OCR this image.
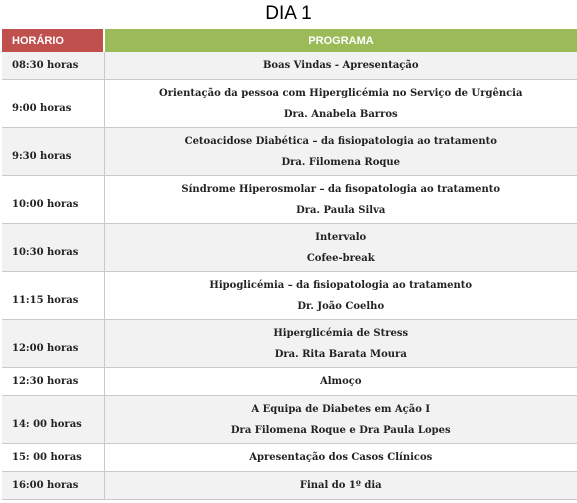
DIA 1
HORÁRIO	PROGRAMA
08:30 horas	Boas Vindas - Apresentação

9:00 horas	Orientação da pessoa com Hiperglicémia no Serviço de Urgência
Dra. Anabela Barros

9:30 horas	Cetoacidose Diabética – da fisiopatologia ao tratamento
Dra. Filomena Roque

10:00 horas	Síndrome Hiperosmolar – da fisopatologia ao tratamento
Dra. Paula Silva

10:30 horas	Intervalo
Cofee-break

11:15 horas	Hipoglicémia – da fisiopatologia ao tratamento
Dr. João Coelho

12:00 horas	Hiperglicémia de Stress
Dra. Rita Barata Moura

12:30 horas	Almoço

14: 00 horas	A Equipa de Diabetes em Ação I
Dra Filomena Roque e Dra Paula Lopes

15: 00 horas	Apresentação dos Casos Clínicos

16:00 horas	Final do 1º dia
